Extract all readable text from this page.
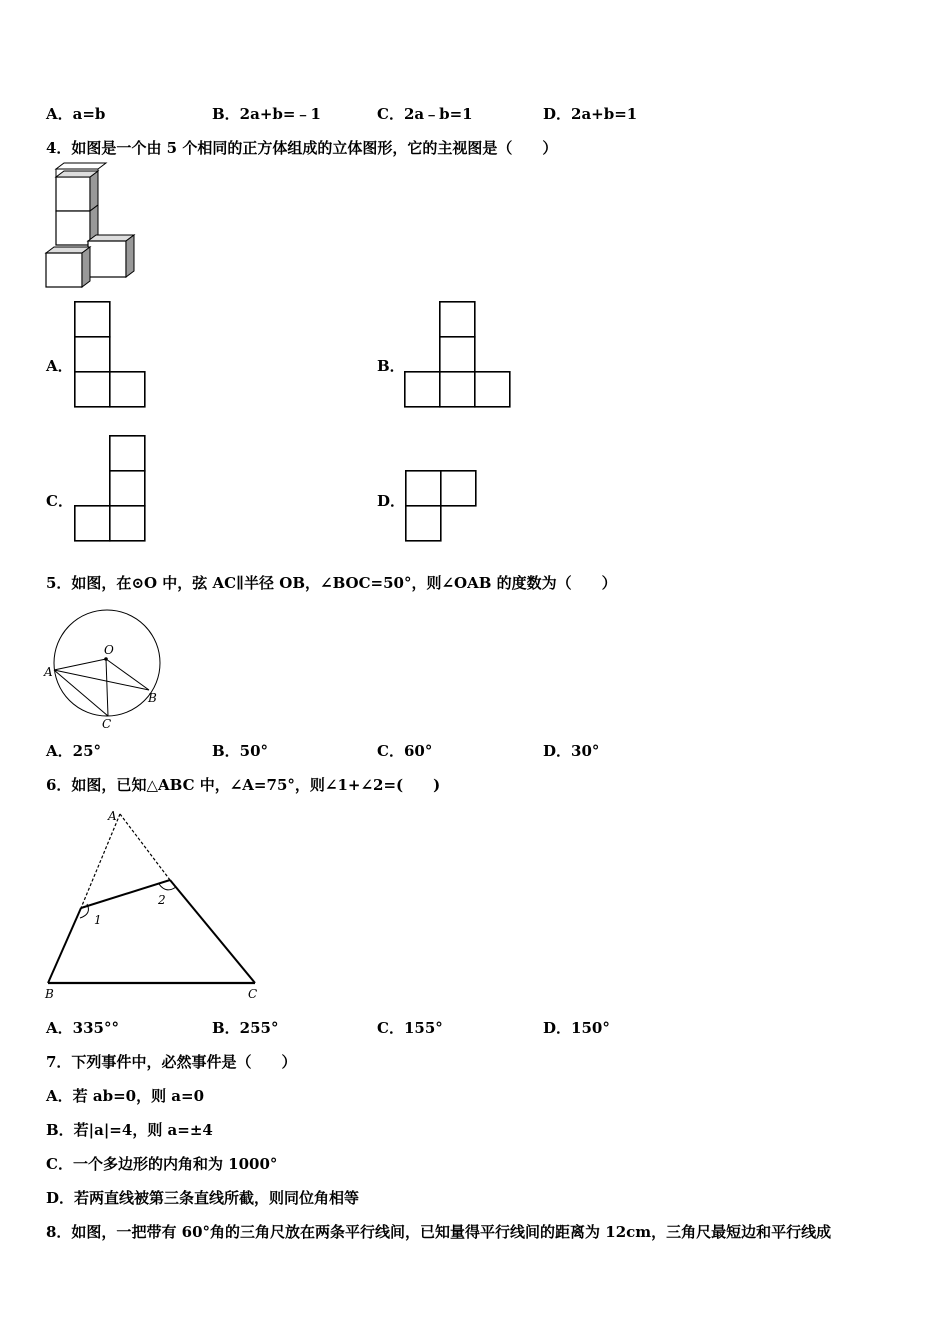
A．a=b	B．2a+b=﹣1	C．2a﹣b=1	D．2a+b=1
4．如图是一个由 5 个相同的正方体组成的立体图形，它的主视图是（　　）
A．	B．
C．	D．
5．如图，在⊙O 中，弦 AC∥半径 OB，∠BOC=50°，则∠OAB 的度数为（　　）
O
A
B
C
A．25°	B．50°	C．60°	D．30°
6．如图，已知△ABC 中，∠A=75°，则∠1+∠2=(　　)
A
B	C
1
2
A．335°°	B．255°	C．155°	D．150°
7．下列事件中，必然事件是（　　）
A．若 ab=0，则 a=0
B．若|a|=4，则 a=±4
C．一个多边形的内角和为 1000°
D．若两直线被第三条直线所截，则同位角相等
8．如图，一把带有 60°角的三角尺放在两条平行线间，已知量得平行线间的距离为 12cm，三角尺最短边和平行线成
